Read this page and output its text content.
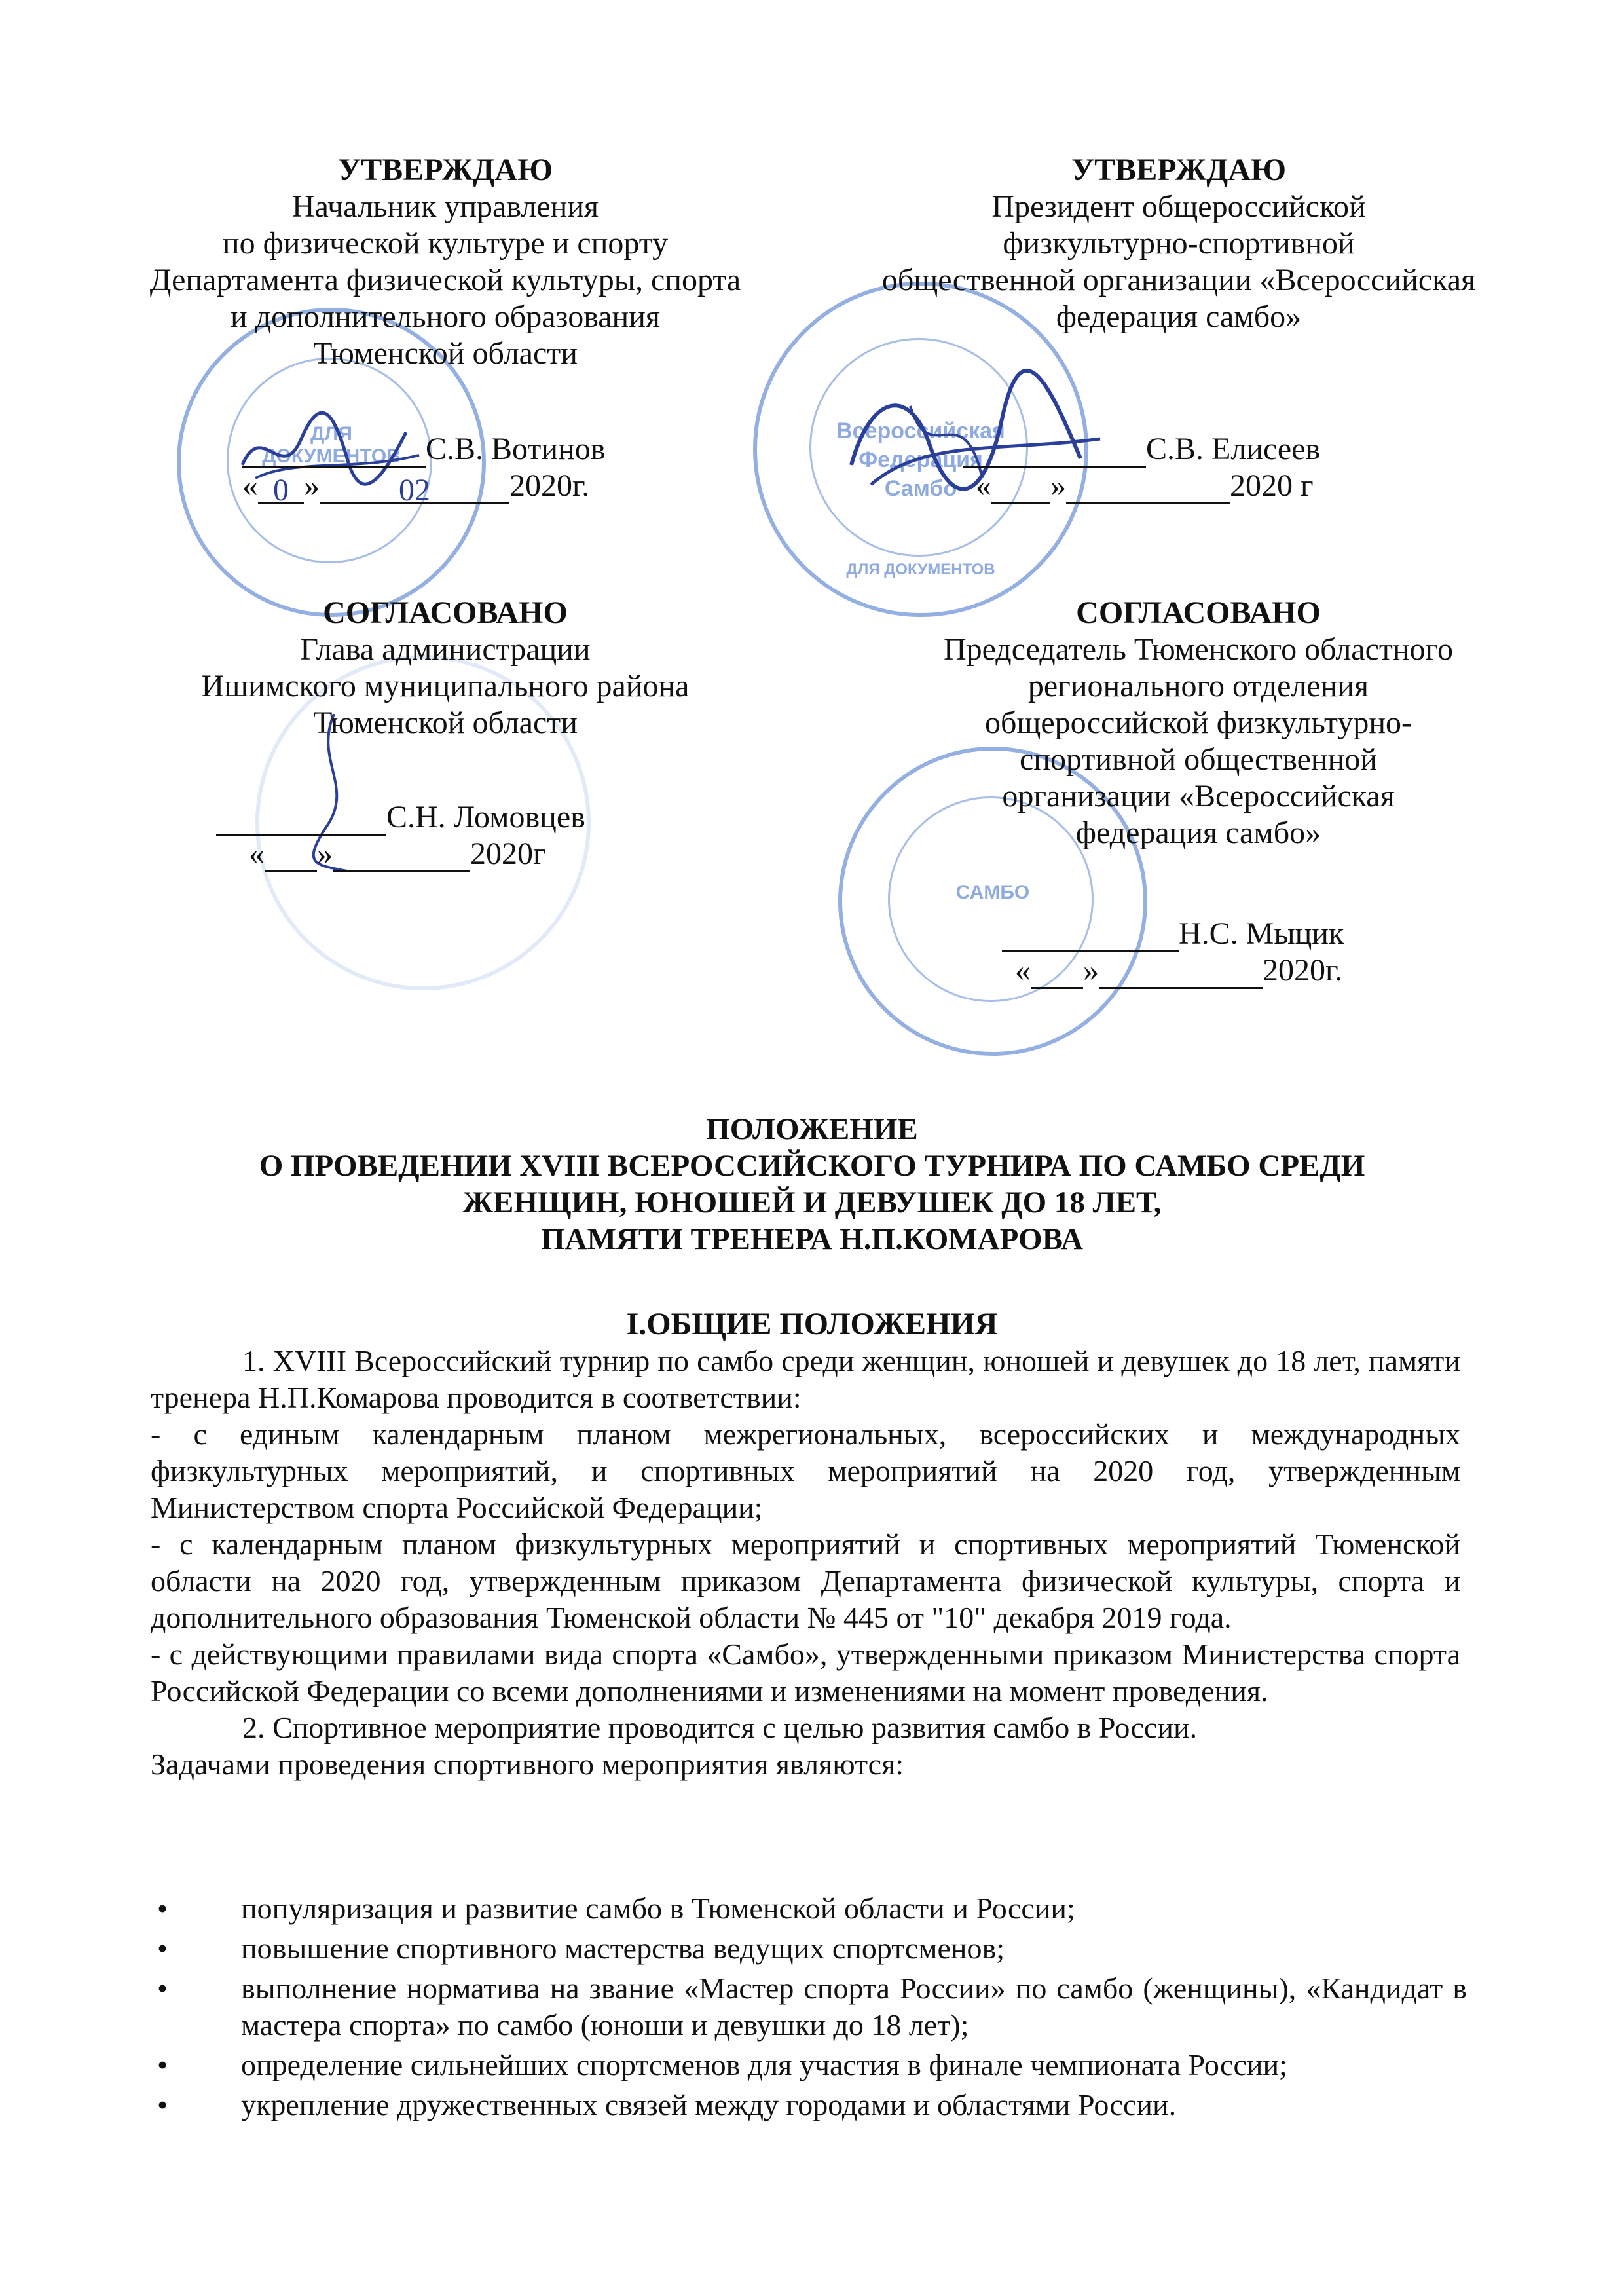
ДЛЯ ДОКУМЕНТОВ
Всероссийская Федерация Самбо
ДЛЯ ДОКУМЕНТОВ
САМБО
УТВЕРЖДАЮ
Начальник управления
по физической культуре и спорту
Департамента физической культуры, спорта
и дополнительного образования
Тюменской области
С.В. Вотинов
« 0 »	02	2020г.
УТВЕРЖДАЮ
Президент общероссийской
физкультурно-спортивной
общественной организации «Всероссийская
федерация самбо»
С.В. Елисеев
« »	2020 г
СОГЛАСОВАНО
Глава администрации
Ишимского муниципального района
Тюменской области
С.Н. Ломовцев
« »	2020г
СОГЛАСОВАНО
Председатель Тюменского областного
регионального отделения
общероссийской физкультурно-
спортивной общественной
организации «Всероссийская
федерация самбо»
Н.С. Мыцик
« »	2020г.
ПОЛОЖЕНИЕ
О ПРОВЕДЕНИИ XVIII ВСЕРОССИЙСКОГО ТУРНИРА ПО САМБО СРЕДИ
ЖЕНЩИН, ЮНОШЕЙ И ДЕВУШЕК ДО 18 ЛЕТ,
ПАМЯТИ ТРЕНЕРА Н.П.КОМАРОВА
I.ОБЩИЕ ПОЛОЖЕНИЯ

1. XVIII Всероссийский турнир по самбо среди женщин, юношей и девушек до 18 лет, памяти тренера Н.П.Комарова проводится в соответствии:

- с единым календарным планом межрегиональных, всероссийских и международных физкультурных мероприятий, и спортивных мероприятий на 2020 год, утвержденным Министерством спорта Российской Федерации;

- с календарным планом физкультурных мероприятий и спортивных мероприятий Тюменской области на 2020 год, утвержденным приказом Департамента физической культуры, спорта и дополнительного образования Тюменской области № 445 от "10" декабря 2019 года.

- с действующими правилами вида спорта «Самбо», утвержденными приказом Министерства спорта Российской Федерации со всеми дополнениями и изменениями на момент проведения.

2. Спортивное мероприятие проводится с целью развития самбо в России.

Задачами проведения спортивного мероприятия являются:

• популяризация и развитие самбо в Тюменской области и России;
• повышение спортивного мастерства ведущих спортсменов;
• выполнение норматива на звание «Мастер спорта России» по самбо (женщины), «Кандидат в мастера спорта» по самбо (юноши и девушки до 18 лет);
• определение сильнейших спортсменов для участия в финале чемпионата России;
• укрепление дружественных связей между городами и областями России.
